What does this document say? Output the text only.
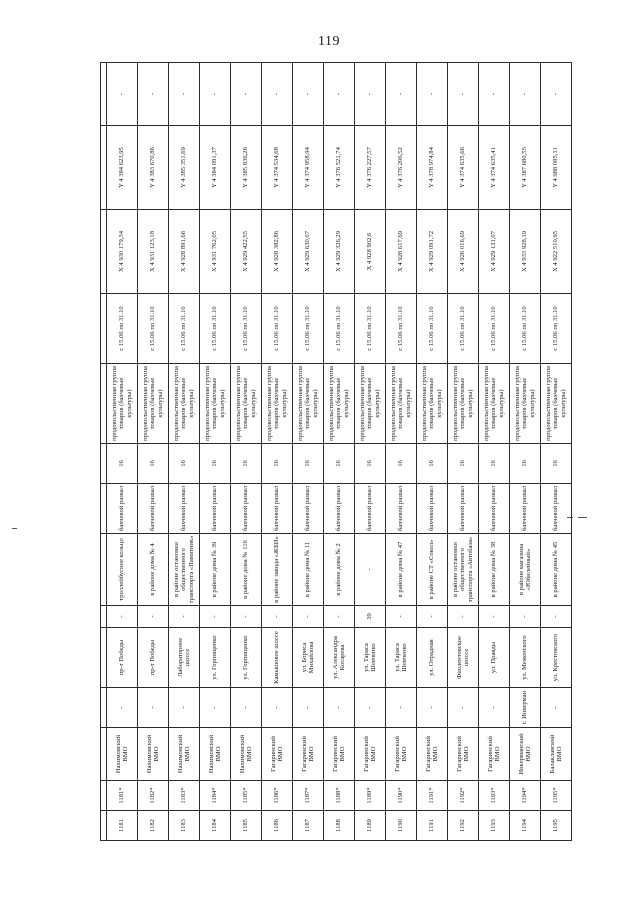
119

1181	1181*	Нахимовский ВМО	-	пр-т Победы	-	троллейбусное кольцо	бахчевой развал	16	продовольственная группа товаров (бахчевые культуры)	с 15.06 по 31.10	X 4 930 179,34	Y 4 384 623,95	-
1182	1182*	Нахимовский ВМО	-	пр-т Победы	-	в районе дома № 4	бахчевой развал	16	продовольственная группа товаров (бахчевые культуры)	с 15.06 по 31.10	X 4 931 123,18	Y 4 383 670,86	-
1183	1183*	Нахимовский ВМО	-	Лабораторное шоссе	-	в районе остановки общественного транспорта «Памятник»	бахчевой развал	16	продовольственная группа товаров (бахчевые культуры)	с 15.06 по 31.10	X 4 928 891,66	Y 4 385 351,69	-
1184	1184*	Нахимовский ВМО	-	ул. Горпищенко	-	в районе дома № 39	бахчевой развал	16	продовольственная группа товаров (бахчевые культуры)	с 15.06 по 31.10	X 4 931 762,05	Y 4 384 091,37	-
1185	1185*	Нахимовский ВМО	-	ул. Горпищенко	-	в районе дома № 116	бахчевой развал	16	продовольственная группа товаров (бахчевые культуры)	с 15.06 по 31.10	X 4 929 422,55	Y 4 385 836,26	-
1186	1186*	Гагаринский ВМО	-	Камышовое шоссе	-	в районе завода «ЖБИ»	бахчевой развал	16	продовольственная группа товаров (бахчевые культуры)	с 15.06 по 31.10	X 4 928 382,86	Y 4 374 534,68	-
1187	1187*	Гагаринский ВМО	-	ул. Бориса Михайлова	-	в районе дома № 11	бахчевой развал	16	продовольственная группа товаров (бахчевые культуры)	с 15.06 по 31.10	X 4 929 630,07	Y 4 374 958,94	-
1188	1188*	Гагаринский ВМО	-	ул. Александра Косарева	-	в районе дома № 2	бахчевой развал	16	продовольственная группа товаров (бахчевые культуры)	с 15.06 по 31.10	X 4 929 326,29	Y 4 376 521,74	-
1189	1189*	Гагаринский ВМО	-	ул. Тараса Шевченко	39	-	бахчевой развал	16	продовольственная группа товаров (бахчевые культуры)	с 15.06 по 31.10	X 4 928 902,6	Y 4 376 227,57	-
1190	1190*	Гагаринский ВМО	-	ул. Тараса Шевченко	-	в районе дома № 47	бахчевой развал	16	продовольственная группа товаров (бахчевые культуры)	с 15.06 по 31.10	X 4 928 617,69	Y 4 376 206,52	-
1191	1191*	Гагаринский ВМО	-	ул. Отрадная	-	в районе СТ «Сокол»	бахчевой развал	16	продовольственная группа товаров (бахчевые культуры)	с 15.06 по 31.10	X 4 929 091,72	Y 4 378 974,84	-
1192	1192*	Гагаринский ВМО	-	Фиолентовское шоссе	-	в районе остановки общественного транспорта «Автобаза»	бахчевой развал	16	продовольственная группа товаров (бахчевые культуры)	с 15.06 по 31.10	X 4 926 016,69	Y 4 374 635,66	-
1193	1193*	Гагаринский ВМО	-	ул. Правды	-	в районе дома № 38	бахчевой развал	16	продовольственная группа товаров (бахчевые культуры)	с 15.06 по 31.10	X 4 929 131,07	Y 4 374 635,41	-
1194	1194*	Инкерманский ВМО	г. Инкерман	ул. Меженского	-	в районе магазина «Юбилейный»	бахчевой развал	16	продовольственная группа товаров (бахчевые культуры)	с 15.06 по 31.10	X 4 933 928,19	Y 4 387 680,55	-
1195	1195*	Балаклавский ВМО	-	ул. Крестовского	-	в районе дома № 45	бахчевой развал	16	продовольственная группа товаров (бахчевые культуры)	с 15.06 по 31.10	X 4 922 510,95	Y 4 988 085,11	-
